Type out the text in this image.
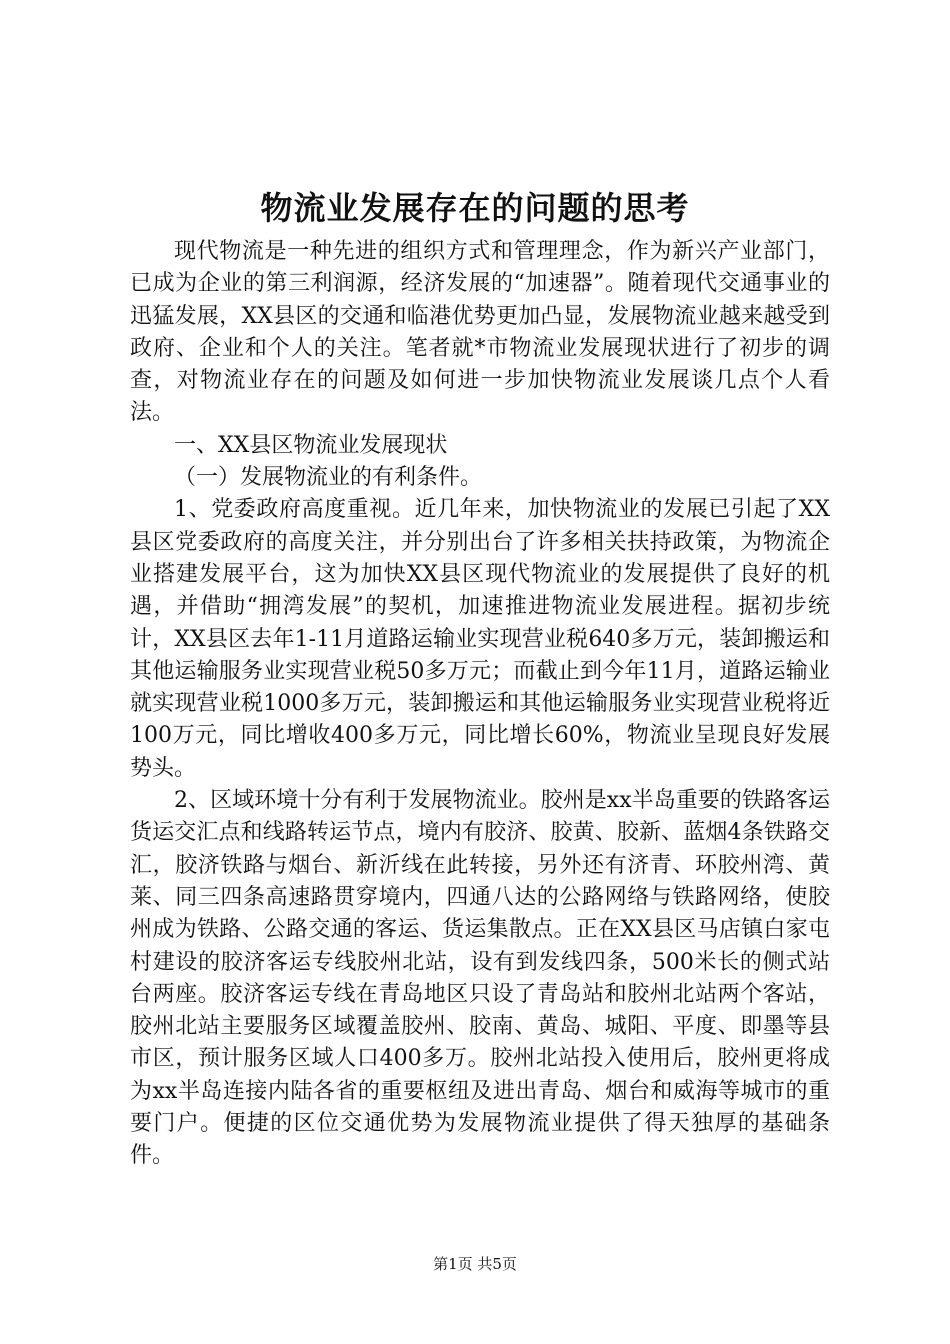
物流业发展存在的问题的思考

现代物流是一种先进的组织方式和管理理念，作为新兴产业部门，已成为企业的第三利润源，经济发展的“加速器”。随着现代交通事业的迅猛发展，XX县区的交通和临港优势更加凸显，发展物流业越来越受到政府、企业和个人的关注。笔者就*市物流业发展现状进行了初步的调查，对物流业存在的问题及如何进一步加快物流业发展谈几点个人看法。

一、XX县区物流业发展现状

（一）发展物流业的有利条件。

1、党委政府高度重视。近几年来，加快物流业的发展已引起了XX县区党委政府的高度关注，并分别出台了许多相关扶持政策，为物流企业搭建发展平台，这为加快XX县区现代物流业的发展提供了良好的机遇，并借助“拥湾发展”的契机，加速推进物流业发展进程。据初步统计，XX县区去年1-11月道路运输业实现营业税640多万元，装卸搬运和其他运输服务业实现营业税50多万元；而截止到今年11月，道路运输业就实现营业税1000多万元，装卸搬运和其他运输服务业实现营业税将近100万元，同比增收400多万元，同比增长60%，物流业呈现良好发展势头。

2、区域环境十分有利于发展物流业。胶州是xx半岛重要的铁路客运货运交汇点和线路转运节点，境内有胶济、胶黄、胶新、蓝烟4条铁路交汇，胶济铁路与烟台、新沂线在此转接，另外还有济青、环胶州湾、黄莱、同三四条高速路贯穿境内，四通八达的公路网络与铁路网络，使胶州成为铁路、公路交通的客运、货运集散点。正在XX县区马店镇白家屯村建设的胶济客运专线胶州北站，设有到发线四条，500米长的侧式站台两座。胶济客运专线在青岛地区只设了青岛站和胶州北站两个客站，胶州北站主要服务区域覆盖胶州、胶南、黄岛、城阳、平度、即墨等县市区，预计服务区域人口400多万。胶州北站投入使用后，胶州更将成为xx半岛连接内陆各省的重要枢纽及进出青岛、烟台和威海等城市的重要门户。便捷的区位交通优势为发展物流业提供了得天独厚的基础条件。

第1页 共5页
